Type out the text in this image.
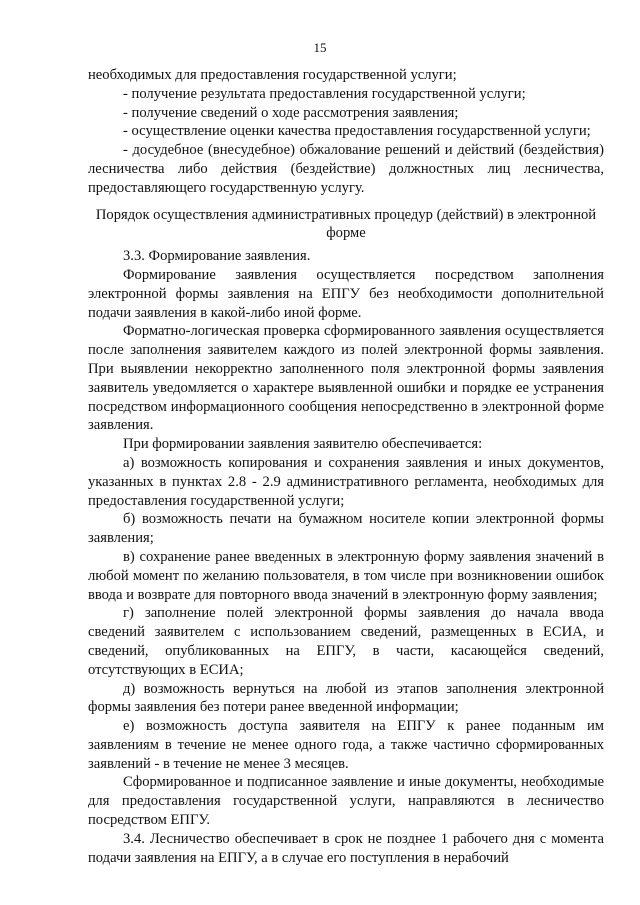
15

необходимых для предоставления государственной услуги;

- получение результата предоставления государственной услуги;

- получение сведений о ходе рассмотрения заявления;

- осуществление оценки качества предоставления государственной услуги;

- досудебное (внесудебное) обжалование решений и действий (бездействия) лесничества либо действия (бездействие) должностных лиц лесничества, предоставляющего государственную услугу.

Порядок осуществления административных процедур (действий) в электронной форме

3.3. Формирование заявления.

Формирование заявления осуществляется посредством заполнения электронной формы заявления на ЕПГУ без необходимости дополнительной подачи заявления в какой-либо иной форме.

Форматно-логическая проверка сформированного заявления осуществляется после заполнения заявителем каждого из полей электронной формы заявления. При выявлении некорректно заполненного поля электронной формы заявления заявитель уведомляется о характере выявленной ошибки и порядке ее устранения посредством информационного сообщения непосредственно в электронной форме заявления.

При формировании заявления заявителю обеспечивается:

а) возможность копирования и сохранения заявления и иных документов, указанных в пунктах 2.8 - 2.9 административного регламента, необходимых для предоставления государственной услуги;

б) возможность печати на бумажном носителе копии электронной формы заявления;

в) сохранение ранее введенных в электронную форму заявления значений в любой момент по желанию пользователя, в том числе при возникновении ошибок ввода и возврате для повторного ввода значений в электронную форму заявления;

г) заполнение полей электронной формы заявления до начала ввода сведений заявителем с использованием сведений, размещенных в ЕСИА, и сведений, опубликованных на ЕПГУ, в части, касающейся сведений, отсутствующих в ЕСИА;

д) возможность вернуться на любой из этапов заполнения электронной формы заявления без потери ранее введенной информации;

е) возможность доступа заявителя на ЕПГУ к ранее поданным им заявлениям в течение не менее одного года, а также частично сформированных заявлений - в течение не менее 3 месяцев.

Сформированное и подписанное заявление и иные документы, необходимые для предоставления государственной услуги, направляются в лесничество посредством ЕПГУ.

3.4. Лесничество обеспечивает в срок не позднее 1 рабочего дня с момента подачи заявления на ЕПГУ, а в случае его поступления в нерабочий
